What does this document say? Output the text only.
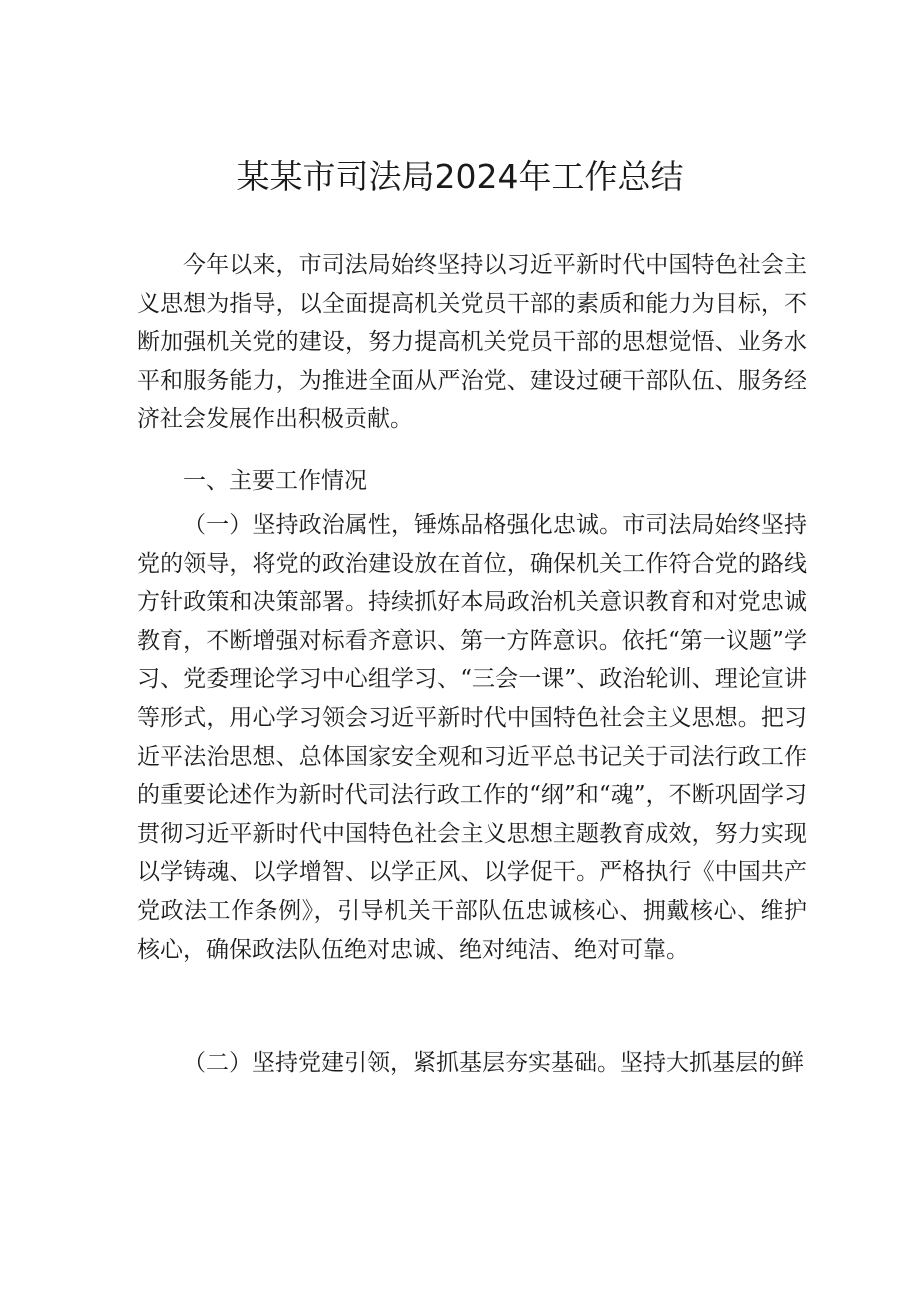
某某市司法局2024年工作总结

今年以来，市司法局始终坚持以习近平新时代中国特色社会主义思想为指导，以全面提高机关党员干部的素质和能力为目标，不断加强机关党的建设，努力提高机关党员干部的思想觉悟、业务水平和服务能力，为推进全面从严治党、建设过硬干部队伍、服务经济社会发展作出积极贡献。

一、主要工作情况

（一）坚持政治属性，锤炼品格强化忠诚。市司法局始终坚持党的领导，将党的政治建设放在首位，确保机关工作符合党的路线方针政策和决策部署。持续抓好本局政治机关意识教育和对党忠诚教育，不断增强对标看齐意识、第一方阵意识。依托“第一议题”学习、党委理论学习中心组学习、“三会一课”、政治轮训、理论宣讲等形式，用心学习领会习近平新时代中国特色社会主义思想。把习近平法治思想、总体国家安全观和习近平总书记关于司法行政工作的重要论述作为新时代司法行政工作的“纲”和“魂”，不断巩固学习贯彻习近平新时代中国特色社会主义思想主题教育成效，努力实现以学铸魂、以学增智、以学正风、以学促干。严格执行《中国共产党政法工作条例》，引导机关干部队伍忠诚核心、拥戴核心、维护核心，确保政法队伍绝对忠诚、绝对纯洁、绝对可靠。

（二）坚持党建引领，紧抓基层夯实基础。坚持大抓基层的鲜
